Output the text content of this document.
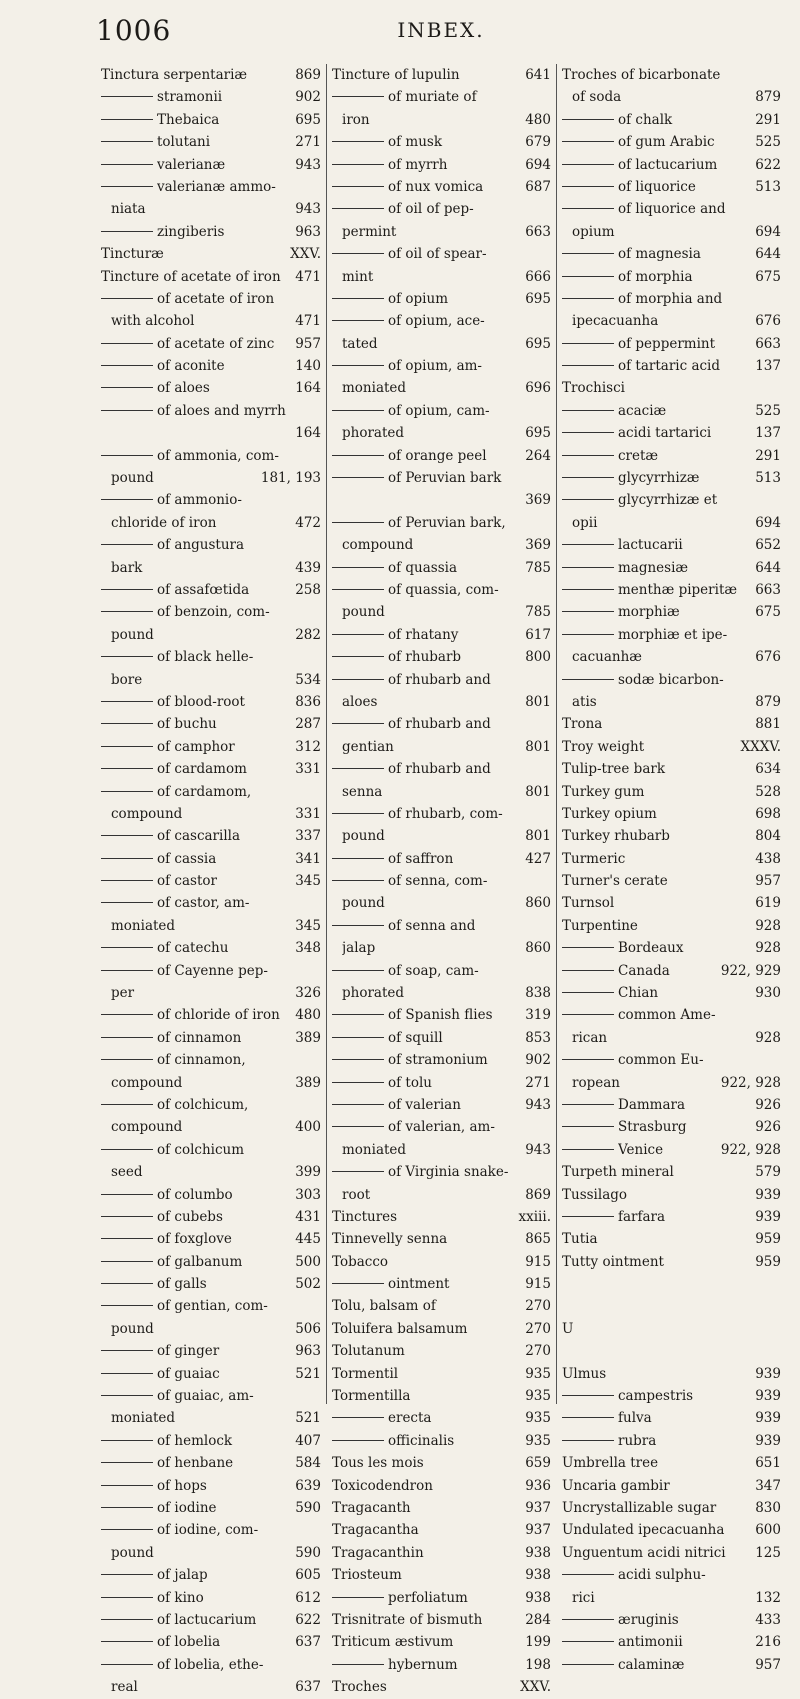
1006	INBEX.
Tinctura serpentariæ	869
stramonii	902
Thebaica	695
tolutani	271
valerianæ	943
valerianæ ammo-
niata	943
zingiberis	963
Tincturæ	XXV.
Tincture of acetate of iron	471
of acetate of iron
with alcohol	471
of acetate of zinc	957
of aconite	140
of aloes	164
of aloes and myrrh
164
of ammonia, com-
pound	181, 193
of ammonio-
chloride of iron	472
of angustura
bark	439
of assafœtida	258
of benzoin, com-
pound	282
of black helle-
bore	534
of blood-root	836
of buchu	287
of camphor	312
of cardamom	331
of cardamom,
compound	331
of cascarilla	337
of cassia	341
of castor	345
of castor, am-
moniated	345
of catechu	348
of Cayenne pep-
per	326
of chloride of iron	480
of cinnamon	389
of cinnamon,
compound	389
of colchicum,
compound	400
of colchicum
seed	399
of columbo	303
of cubebs	431
of foxglove	445
of galbanum	500
of galls	502
of gentian, com-
pound	506
of ginger	963
of guaiac	521
of guaiac, am-
moniated	521
of hemlock	407
of henbane	584
of hops	639
of iodine	590
of iodine, com-
pound	590
of jalap	605
of kino	612
of lactucarium	622
of lobelia	637
of lobelia, ethe-
real	637
Tincture of lupulin	641
of muriate of
iron	480
of musk	679
of myrrh	694
of nux vomica	687
of oil of pep-
permint	663
of oil of spear-
mint	666
of opium	695
of opium, ace-
tated	695
of opium, am-
moniated	696
of opium, cam-
phorated	695
of orange peel	264
of Peruvian bark
369
of Peruvian bark,
compound	369
of quassia	785
of quassia, com-
pound	785
of rhatany	617
of rhubarb	800
of rhubarb and
aloes	801
of rhubarb and
gentian	801
of rhubarb and
senna	801
of rhubarb, com-
pound	801
of saffron	427
of senna, com-
pound	860
of senna and
jalap	860
of soap, cam-
phorated	838
of Spanish flies	319
of squill	853
of stramonium	902
of tolu	271
of valerian	943
of valerian, am-
moniated	943
of Virginia snake-
root	869
Tinctures	xxiii.
Tinnevelly senna	865
Tobacco	915
ointment	915
Tolu, balsam of	270
Toluifera balsamum	270
Tolutanum	270
Tormentil	935
Tormentilla	935
erecta	935
officinalis	935
Tous les mois	659
Toxicodendron	936
Tragacanth	937
Tragacantha	937
Tragacanthin	938
Triosteum	938
perfoliatum	938
Trisnitrate of bismuth	284
Triticum æstivum	199
hybernum	198
Troches	XXV.
Troches of bicarbonate
of soda	879
of chalk	291
of gum Arabic	525
of lactucarium	622
of liquorice	513
of liquorice and
opium	694
of magnesia	644
of morphia	675
of morphia and
ipecacuanha	676
of peppermint	663
of tartaric acid	137
Trochisci
acaciæ	525
acidi tartarici	137
cretæ	291
glycyrrhizæ	513
glycyrrhizæ et
opii	694
lactucarii	652
magnesiæ	644
menthæ piperitæ	663
morphiæ	675
morphiæ et ipe-
cacuanhæ	676
sodæ bicarbon-
atis	879
Trona	881
Troy weight	XXXV.
Tulip-tree bark	634
Turkey gum	528
Turkey opium	698
Turkey rhubarb	804
Turmeric	438
Turner's cerate	957
Turnsol	619
Turpentine	928
Bordeaux	928
Canada	922, 929
Chian	930
common Ame-
rican	928
common Eu-
ropean	922, 928
Dammara	926
Strasburg	926
Venice	922, 928
Turpeth mineral	579
Tussilago	939
farfara	939
Tutia	959
Tutty ointment	959
U
Ulmus	939
campestris	939
fulva	939
rubra	939
Umbrella tree	651
Uncaria gambir	347
Uncrystallizable sugar	830
Undulated ipecacuanha	600
Unguentum acidi nitrici	125
acidi sulphu-
rici	132
æruginis	433
antimonii	216
calaminæ	957
